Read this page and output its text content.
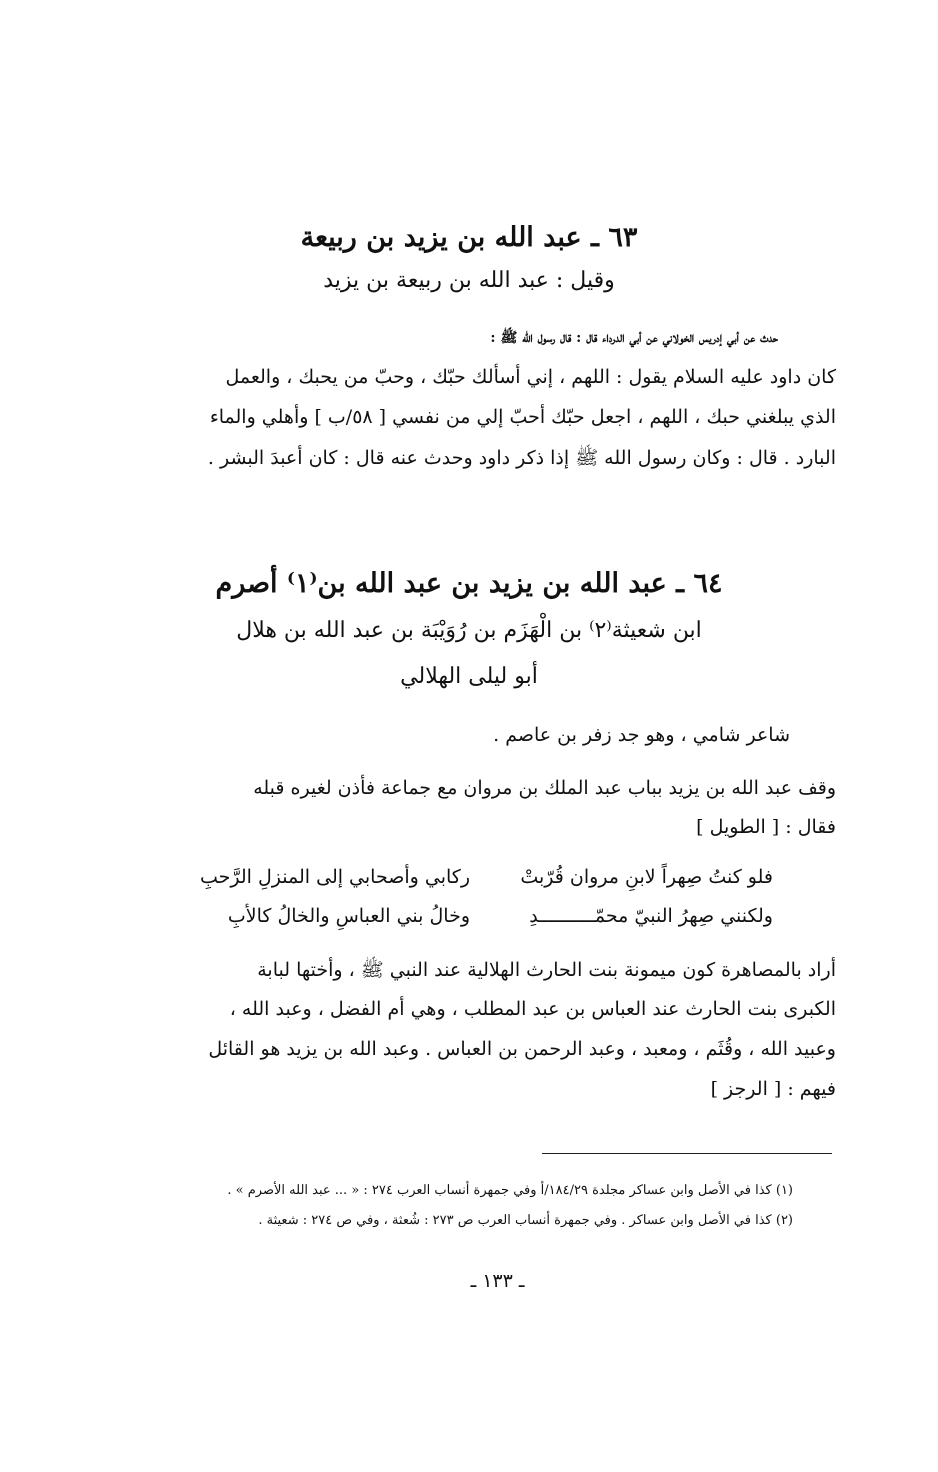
٦٣ ـ عبد الله بن يزيد بن ربيعة
وقيل : عبد الله بن ربيعة بن يزيد
حدث عن أبي إدريس الخولاني عن أبي الدرداء قال : قال رسول الله ﷺ :
كان داود عليه السلام يقول : اللهم ، إني أسألك حبّك ، وحبّ من يحبك ، والعمل
الذي يبلغني حبك ، اللهم ، اجعل حبّك أحبّ إلي من نفسي [ ٥٨/ب ] وأهلي والماء
البارد . قال : وكان رسول الله ﷺ إذا ذكر داود وحدث عنه قال : كان أعبدَ البشر .
٦٤ ـ عبد الله بن يزيد بن عبد الله بن⁽١⁾ أصرم
ابن شعيثة⁽٢⁾ بن الْهَزَم بن رُوَيْبَة بن عبد الله بن هلال
أبو ليلى الهلالي
شاعر شامي ، وهو جد زفر بن عاصم .
وقف عبد الله بن يزيد بباب عبد الملك بن مروان مع جماعة فأذن لغيره قبله
فقال : [ الطويل ]
فلو كنتُ صِهراً لابنِ مروان قُرّبتْ
ركابي وأصحابي إلى المنزلِ الرَّحبِ
ولكنني صِهرُ النبيّ محمّــــــــــدِ
وخالُ بني العباسِ والخالُ كالأبِ
أراد بالمصاهرة كون ميمونة بنت الحارث الهلالية عند النبي ﷺ ، وأختها لبابة
الكبرى بنت الحارث عند العباس بن عبد المطلب ، وهي أم الفضل ، وعبد الله ،
وعبيد الله ، وقُثَم ، ومعبد ، وعبد الرحمن بن العباس . وعبد الله بن يزيد هو القائل
فيهم : [ الرجز ]
(١) كذا في الأصل وابن عساكر مجلدة ١٨٤/٢٩/أ وفي جمهرة أنساب العرب ٢٧٤ : « ... عبد الله الأصرم » .
(٢) كذا في الأصل وابن عساكر . وفي جمهرة أنساب العرب ص ٢٧٣ : شُعثة ، وفي ص ٢٧٤ : شعيثة .
ـ ١٣٣ ـ
